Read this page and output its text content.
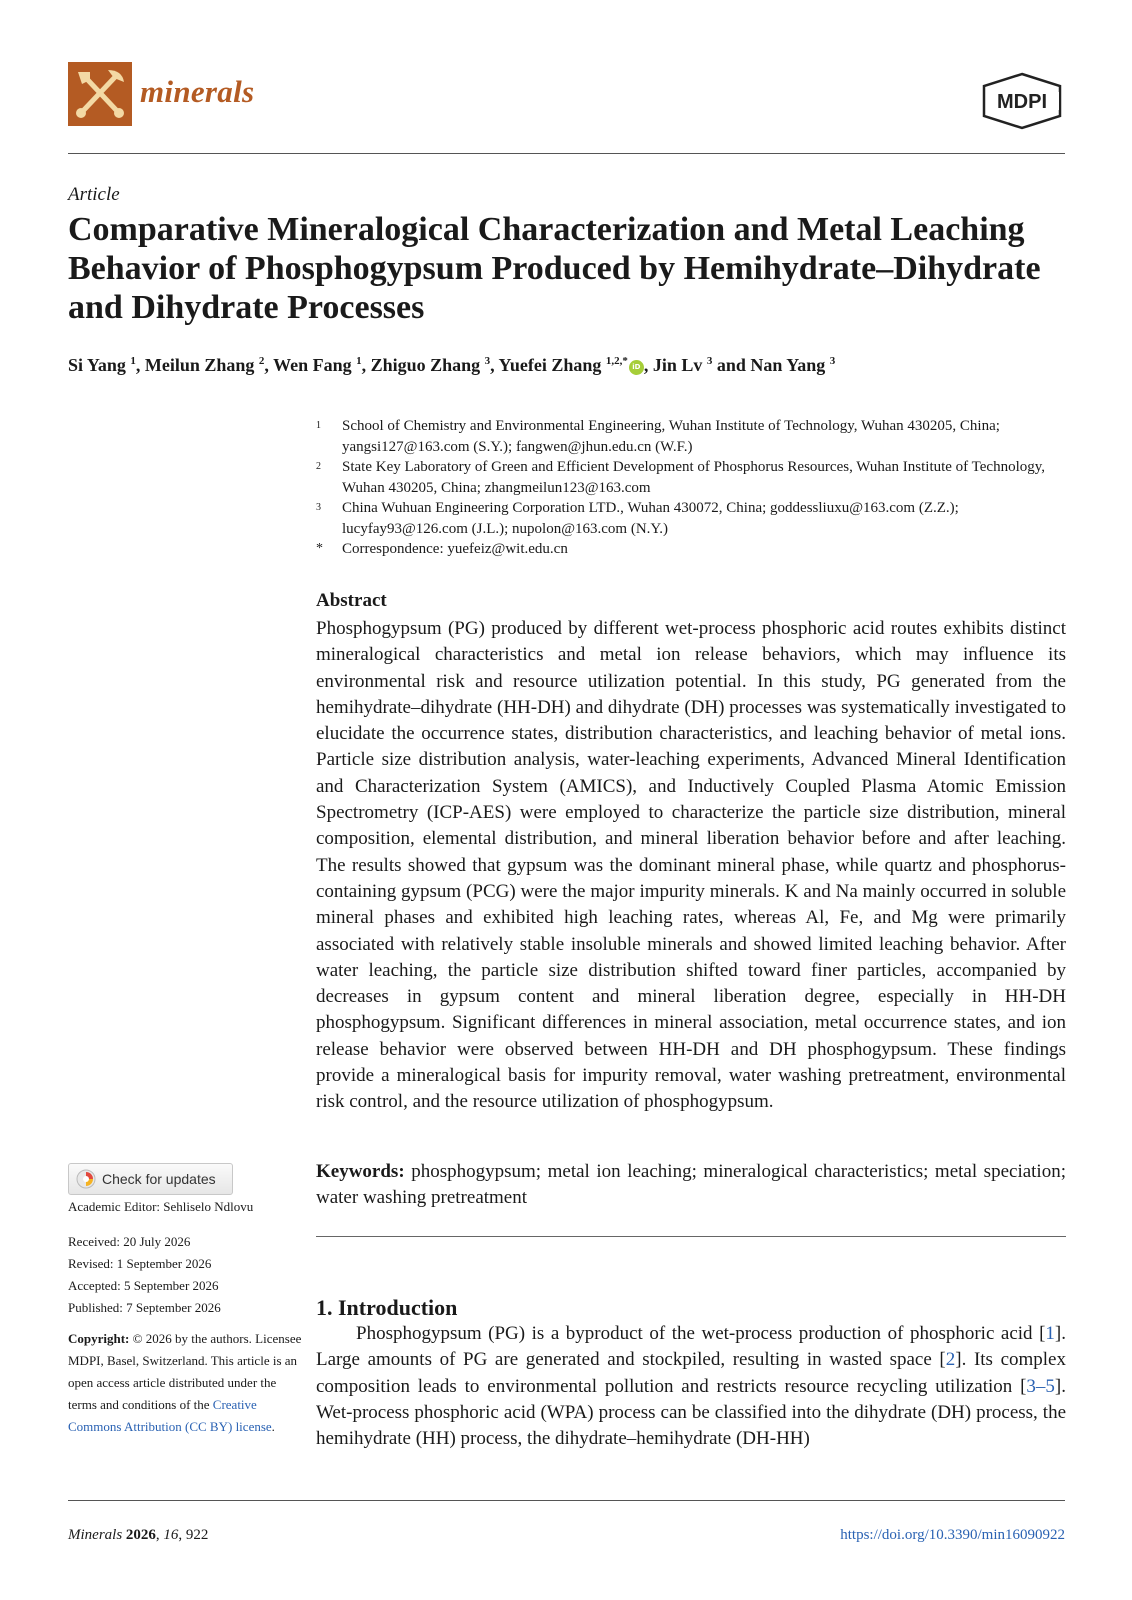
minerals	MDPI
Article
Comparative Mineralogical Characterization and Metal Leaching Behavior of Phosphogypsum Produced by Hemihydrate–Dihydrate and Dihydrate Processes
Si Yang $^1$, Meilun Zhang $^2$, Wen Fang $^1$, Zhiguo Zhang $^3$, Yuefei Zhang $^{1,2,*}$ iD , Jin Lv $^3$ and Nan Yang $^3$
1	School of Chemistry and Environmental Engineering, Wuhan Institute of Technology, Wuhan 430205, China; yangsi127@163.com (S.Y.); fangwen@jhun.edu.cn (W.F.)
2	State Key Laboratory of Green and Efficient Development of Phosphorus Resources, Wuhan Institute of Technology, Wuhan 430205, China; zhangmeilun123@163.com
3	China Wuhuan Engineering Corporation LTD., Wuhan 430072, China; goddessliuxu@163.com (Z.Z.); lucyfay93@126.com (J.L.); nupolon@163.com (N.Y.)
*	Correspondence: yuefeiz@wit.edu.cn
Abstract
Phosphogypsum (PG) produced by different wet-process phosphoric acid routes exhibits distinct mineralogical characteristics and metal ion release behaviors, which may influence its environmental risk and resource utilization potential. In this study, PG generated from the hemihydrate–dihydrate (HH-DH) and dihydrate (DH) processes was systematically investigated to elucidate the occurrence states, distribution characteristics, and leaching behavior of metal ions. Particle size distribution analysis, water-leaching experiments, Advanced Mineral Identification and Characterization System (AMICS), and Inductively Coupled Plasma Atomic Emission Spectrometry (ICP-AES) were employed to characterize the particle size distribution, mineral composition, elemental distribution, and mineral liberation behavior before and after leaching. The results showed that gypsum was the dominant mineral phase, while quartz and phosphorus-containing gypsum (PCG) were the major impurity minerals. K and Na mainly occurred in soluble mineral phases and exhibited high leaching rates, whereas Al, Fe, and Mg were primarily associated with relatively stable insoluble minerals and showed limited leaching behavior. After water leaching, the particle size distribution shifted toward finer particles, accompanied by decreases in gypsum content and mineral liberation degree, especially in HH-DH phosphogypsum. Significant differences in mineral association, metal occurrence states, and ion release behavior were observed between HH-DH and DH phosphogypsum. These findings provide a mineralogical basis for impurity removal, water washing pretreatment, environmental risk control, and the resource utilization of phosphogypsum.
Keywords: phosphogypsum; metal ion leaching; mineralogical characteristics; metal speciation; water washing pretreatment
1. Introduction

Phosphogypsum (PG) is a byproduct of the wet-process production of phosphoric acid [1]. Large amounts of PG are generated and stockpiled, resulting in wasted space [2]. Its complex composition leads to environmental pollution and restricts resource recycling utilization [3–5]. Wet-process phosphoric acid (WPA) process can be classified into the dihydrate (DH) process, the hemihydrate (HH) process, the dihydrate–hemihydrate (DH-HH)

Check for updates
Academic Editor: Sehliselo Ndlovu
Received: 20 July 2026
Revised: 1 September 2026
Accepted: 5 September 2026
Published: 7 September 2026

Copyright: © 2026 by the authors. Licensee MDPI, Basel, Switzerland. This article is an open access article distributed under the terms and conditions of the Creative Commons Attribution (CC BY) license.

Minerals 2026, 16, 922	https://doi.org/10.3390/min16090922
